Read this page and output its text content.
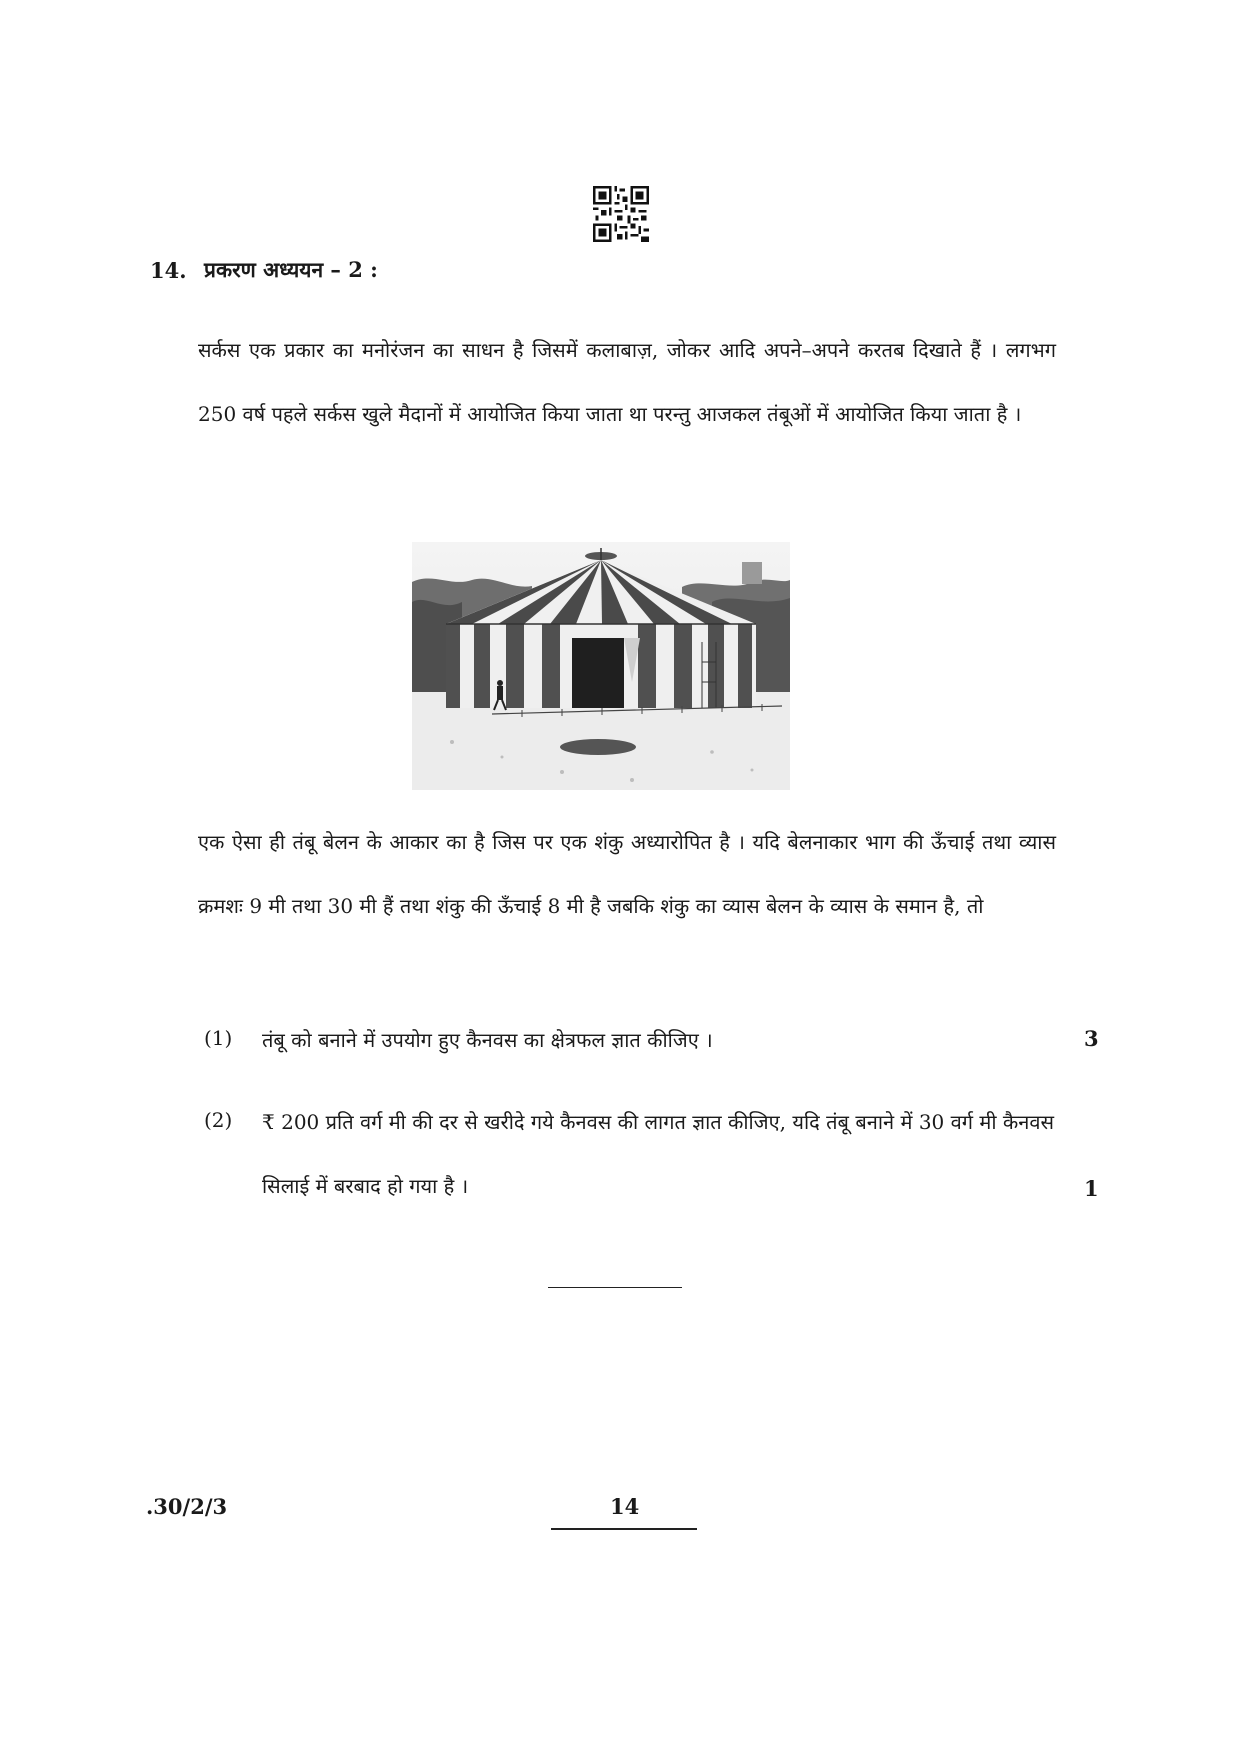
14. प्रकरण अध्ययन – 2 :

सर्कस एक प्रकार का मनोरंजन का साधन है जिसमें कलाबाज़, जोकर आदि अपने–अपने करतब दिखाते हैं । लगभग 250 वर्ष पहले सर्कस खुले मैदानों में आयोजित किया जाता था परन्तु आजकल तंबूओं में आयोजित किया जाता है ।

एक ऐसा ही तंबू बेलन के आकार का है जिस पर एक शंकु अध्यारोपित है । यदि बेलनाकार भाग की ऊँचाई तथा व्यास क्रमशः 9 मी तथा 30 मी हैं तथा शंकु की ऊँचाई 8 मी है जबकि शंकु का व्यास बेलन के व्यास के समान है, तो

(1) तंबू को बनाने में उपयोग हुए कैनवस का क्षेत्रफल ज्ञात कीजिए ।	3
(2) ₹ 200 प्रति वर्ग मी की दर से खरीदे गये कैनवस की लागत ज्ञात कीजिए, यदि तंबू बनाने में 30 वर्ग मी कैनवस सिलाई में बरबाद हो गया है ।	1
.30/2/3	14
